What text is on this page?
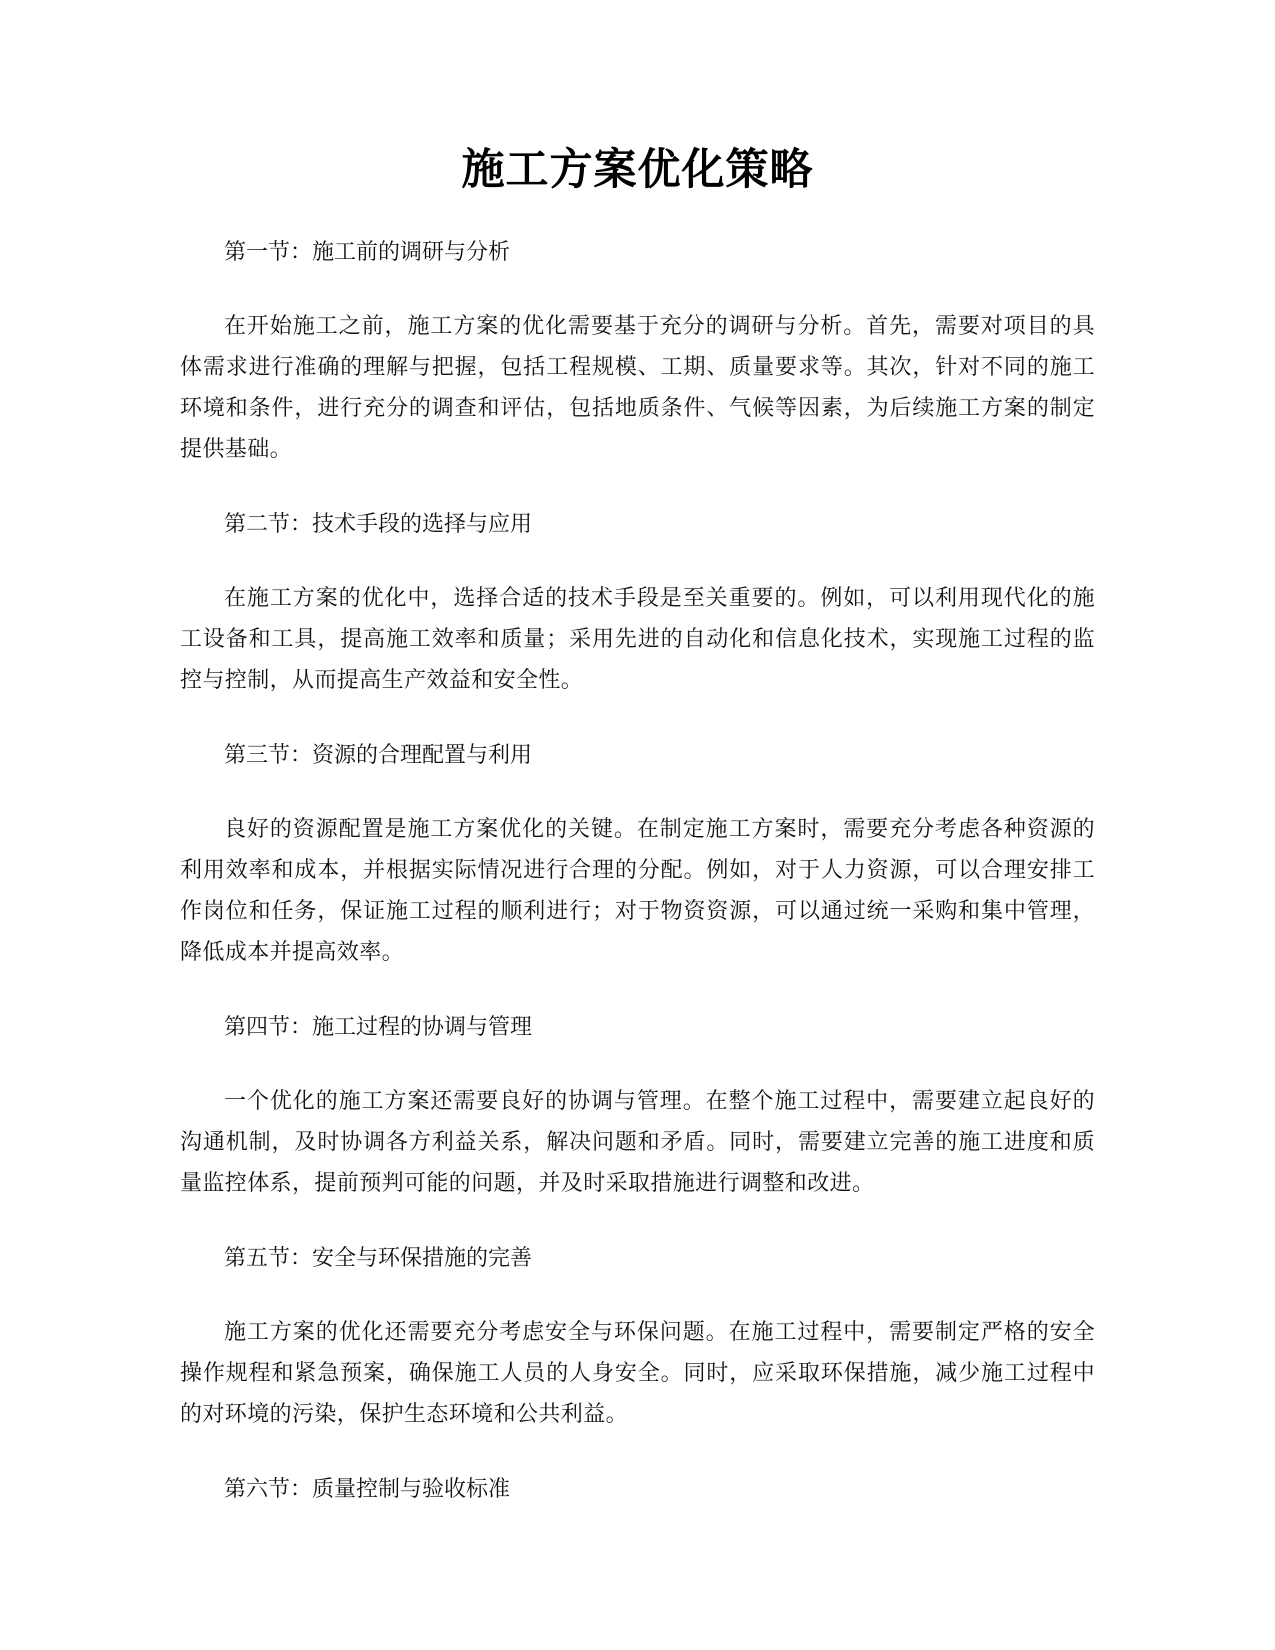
施工方案优化策略

第一节：施工前的调研与分析

在开始施工之前，施工方案的优化需要基于充分的调研与分析。首先，需要对项目的具体需求进行准确的理解与把握，包括工程规模、工期、质量要求等。其次，针对不同的施工环境和条件，进行充分的调查和评估，包括地质条件、气候等因素，为后续施工方案的制定提供基础。

第二节：技术手段的选择与应用

在施工方案的优化中，选择合适的技术手段是至关重要的。例如，可以利用现代化的施工设备和工具，提高施工效率和质量；采用先进的自动化和信息化技术，实现施工过程的监控与控制，从而提高生产效益和安全性。

第三节：资源的合理配置与利用

良好的资源配置是施工方案优化的关键。在制定施工方案时，需要充分考虑各种资源的利用效率和成本，并根据实际情况进行合理的分配。例如，对于人力资源，可以合理安排工作岗位和任务，保证施工过程的顺利进行；对于物资资源，可以通过统一采购和集中管理，降低成本并提高效率。

第四节：施工过程的协调与管理

一个优化的施工方案还需要良好的协调与管理。在整个施工过程中，需要建立起良好的沟通机制，及时协调各方利益关系，解决问题和矛盾。同时，需要建立完善的施工进度和质量监控体系，提前预判可能的问题，并及时采取措施进行调整和改进。

第五节：安全与环保措施的完善

施工方案的优化还需要充分考虑安全与环保问题。在施工过程中，需要制定严格的安全操作规程和紧急预案，确保施工人员的人身安全。同时，应采取环保措施，减少施工过程中的对环境的污染，保护生态环境和公共利益。

第六节：质量控制与验收标准
